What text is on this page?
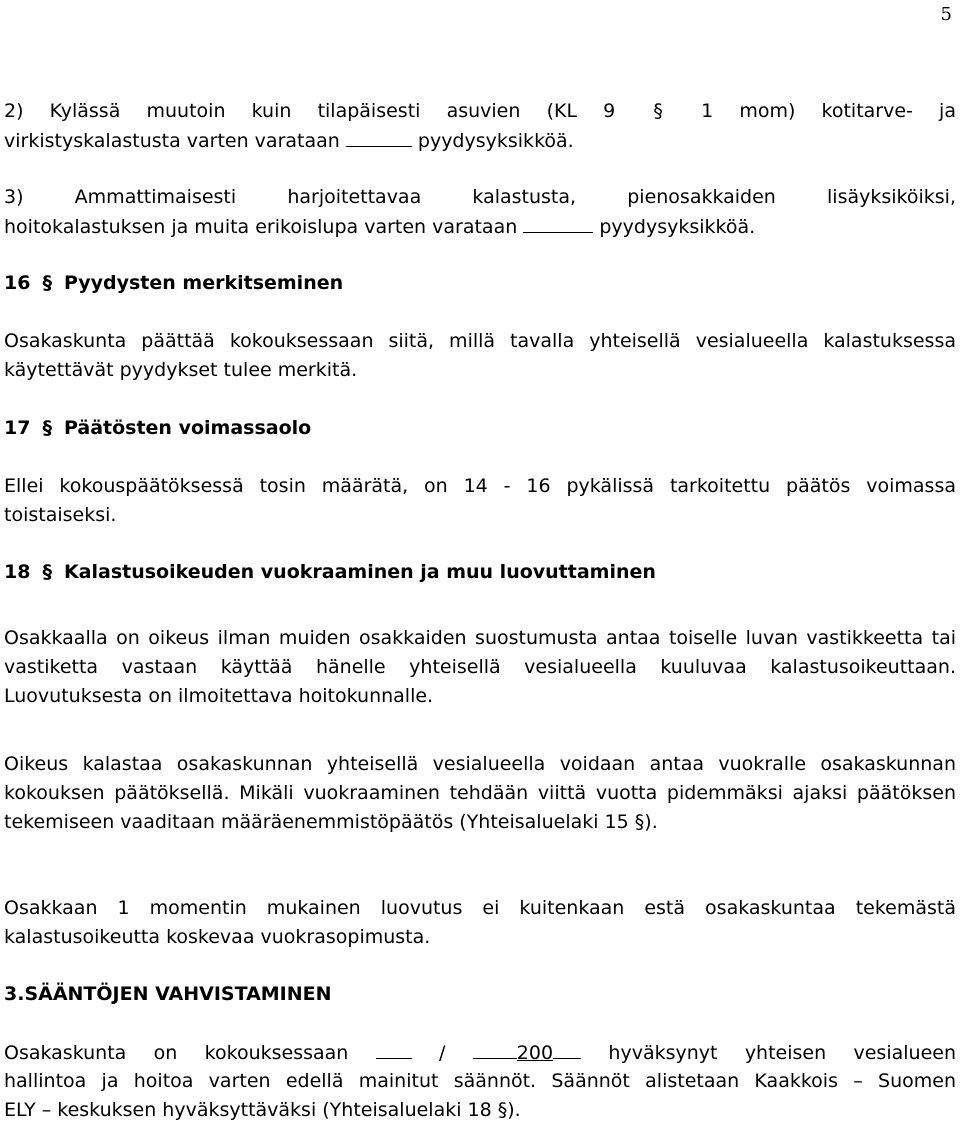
5
2) Kylässä muutoin kuin tilapäisesti asuvien (KL 9 § 1 mom) kotitarve- ja
virkistyskalastusta varten varataan	pyydysyksikköä.
3) Ammattimaisesti harjoitettavaa kalastusta, pienosakkaiden lisäyksiköiksi,
hoitokalastuksen ja muita erikoislupa varten varataan	pyydysyksikköä.
16 § Pyydysten merkitseminen
Osakaskunta päättää kokouksessaan siitä, millä tavalla yhteisellä vesialueella kalastuksessa käytettävät pyydykset tulee merkitä.
17 § Päätösten voimassaolo
Ellei kokouspäätöksessä tosin määrätä, on 14 - 16 pykälissä tarkoitettu päätös voimassa toistaiseksi.
18 § Kalastusoikeuden vuokraaminen ja muu luovuttaminen
Osakkaalla on oikeus ilman muiden osakkaiden suostumusta antaa toiselle luvan vastikkeetta tai vastiketta vastaan käyttää hänelle yhteisellä vesialueella kuuluvaa kalastusoikeuttaan. Luovutuksesta on ilmoitettava hoitokunnalle.
Oikeus kalastaa osakaskunnan yhteisellä vesialueella voidaan antaa vuokralle osakaskunnan kokouksen päätöksellä. Mikäli vuokraaminen tehdään viittä vuotta pidemmäksi ajaksi päätöksen tekemiseen vaaditaan määräenemmistöpäätös (Yhteisaluelaki 15 §).
Osakkaan 1 momentin mukainen luovutus ei kuitenkaan estä osakaskuntaa tekemästä kalastusoikeutta koskevaa vuokrasopimusta.
3.SÄÄNTÖJEN VAHVISTAMINEN
Osakaskunta on kokouksessaan  / 200 hyväksynyt yhteisen vesialueen
hallintoa ja hoitoa varten edellä mainitut säännöt. Säännöt alistetaan Kaakkois – Suomen
ELY – keskuksen hyväksyttäväksi (Yhteisaluelaki 18 §).
